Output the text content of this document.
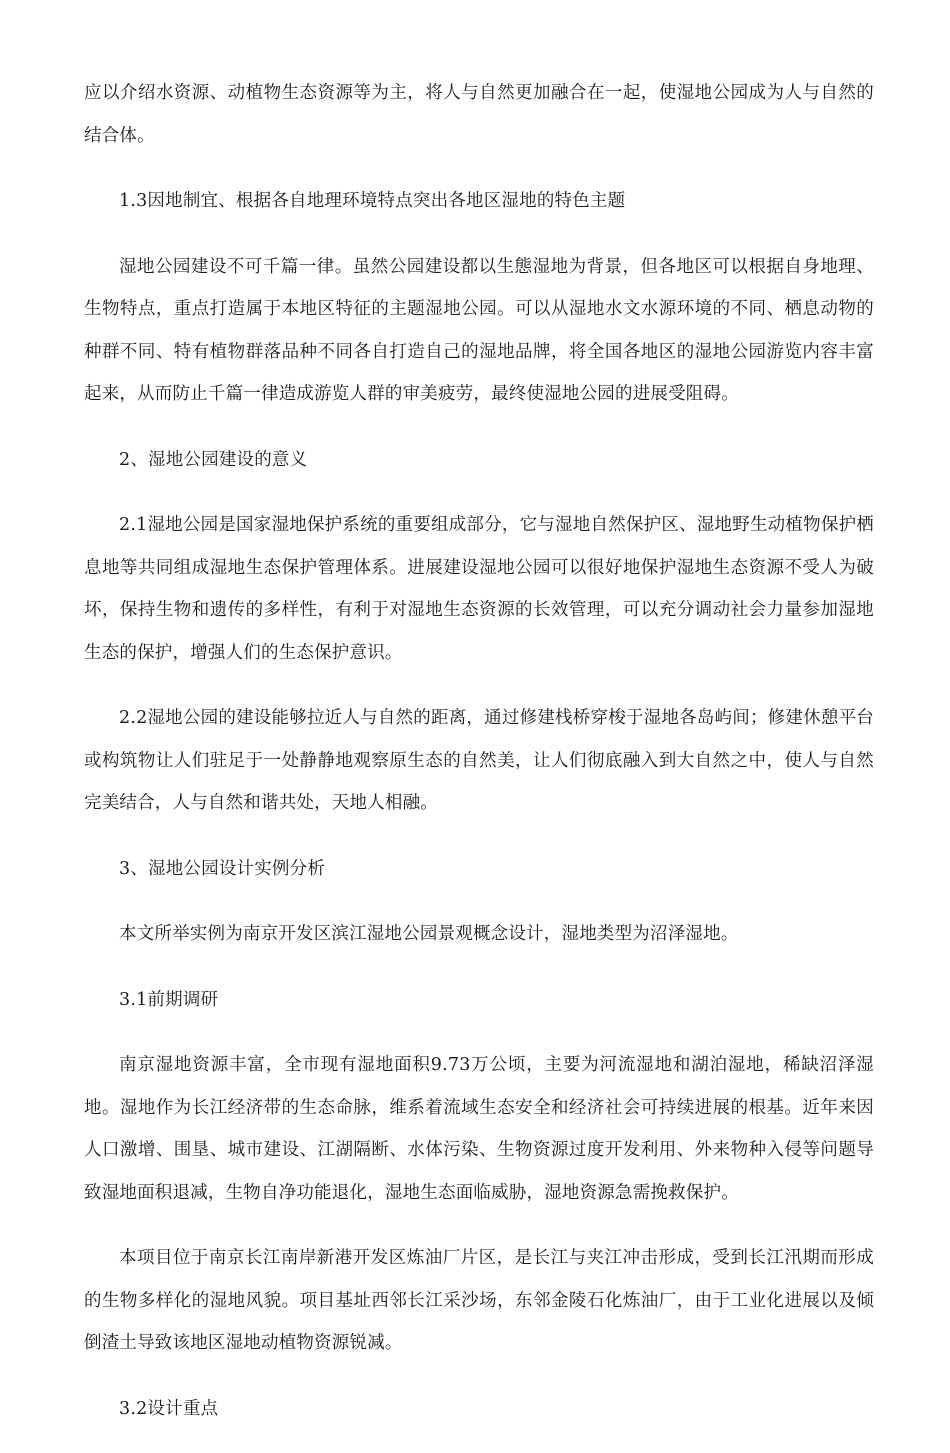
应以介绍水资源、动植物生态资源等为主，将人与自然更加融合在一起，使湿地公园成为人与自然的结合体。

1.3因地制宜、根据各自地理环境特点突出各地区湿地的特色主题

湿地公园建设不可千篇一律。虽然公园建设都以生態湿地为背景，但各地区可以根据自身地理、生物特点，重点打造属于本地区特征的主题湿地公园。可以从湿地水文水源环境的不同、栖息动物的种群不同、特有植物群落品种不同各自打造自己的湿地品牌，将全国各地区的湿地公园游览内容丰富起来，从而防止千篇一律造成游览人群的审美疲劳，最终使湿地公园的进展受阻碍。

2、湿地公园建设的意义

2.1湿地公园是国家湿地保护系统的重要组成部分，它与湿地自然保护区、湿地野生动植物保护栖息地等共同组成湿地生态保护管理体系。进展建设湿地公园可以很好地保护湿地生态资源不受人为破坏，保持生物和遗传的多样性，有利于对湿地生态资源的长效管理，可以充分调动社会力量参加湿地生态的保护，增强人们的生态保护意识。

2.2湿地公园的建设能够拉近人与自然的距离，通过修建栈桥穿梭于湿地各岛屿间；修建休憩平台或构筑物让人们驻足于一处静静地观察原生态的自然美，让人们彻底融入到大自然之中，使人与自然完美结合，人与自然和谐共处，天地人相融。

3、湿地公园设计实例分析

本文所举实例为南京开发区滨江湿地公园景观概念设计，湿地类型为沼泽湿地。

3.1前期调研

南京湿地资源丰富，全市现有湿地面积9.73万公顷，主要为河流湿地和湖泊湿地，稀缺沼泽湿地。湿地作为长江经济带的生态命脉，维系着流域生态安全和经济社会可持续进展的根基。近年来因人口激增、围垦、城市建设、江湖隔断、水体污染、生物资源过度开发利用、外来物种入侵等问题导致湿地面积退减，生物自净功能退化，湿地生态面临威胁，湿地资源急需挽救保护。

本项目位于南京长江南岸新港开发区炼油厂片区，是长江与夹江冲击形成，受到长江汛期而形成的生物多样化的湿地风貌。项目基址西邻长江采沙场，东邻金陵石化炼油厂，由于工业化进展以及倾倒渣土导致该地区湿地动植物资源锐减。

3.2设计重点
